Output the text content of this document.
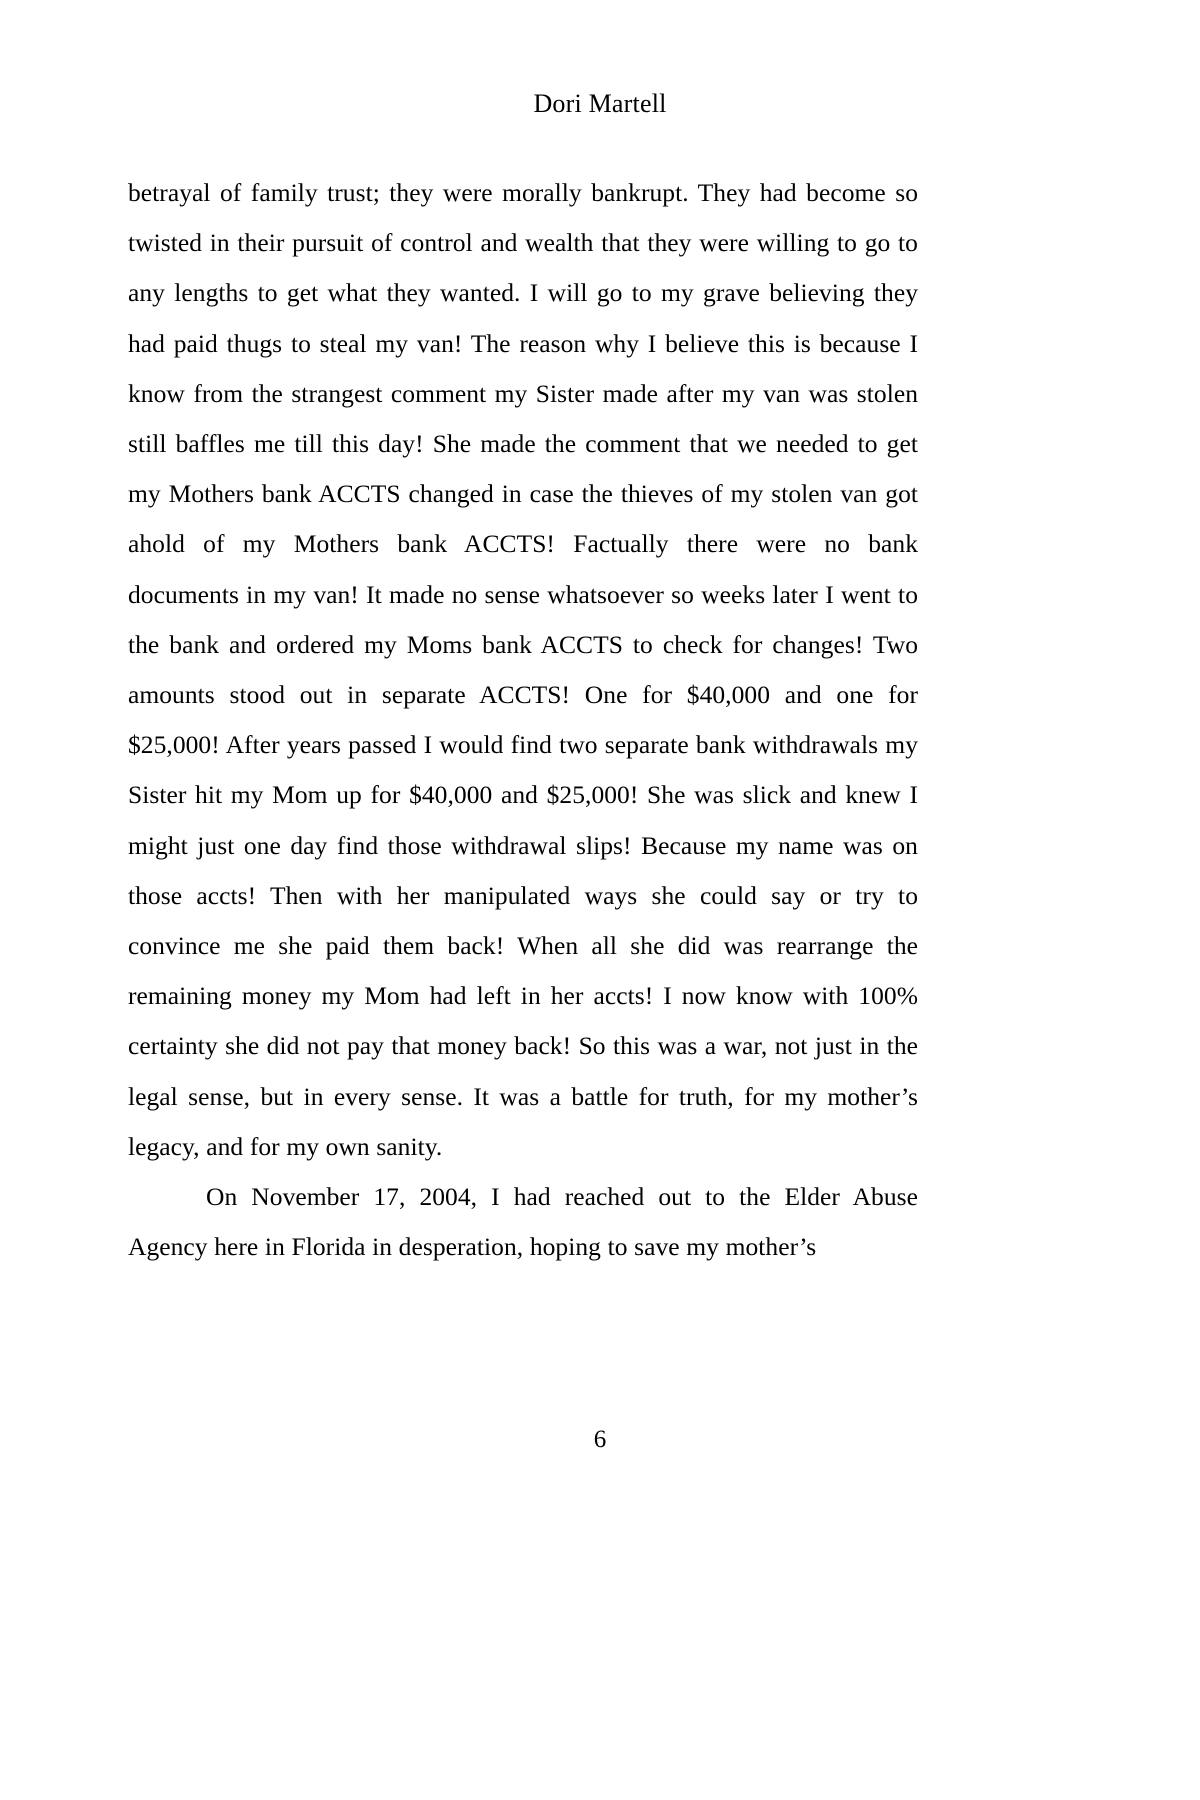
Dori Martell

betrayal of family trust; they were morally bankrupt. They had become so twisted in their pursuit of control and wealth that they were willing to go to any lengths to get what they wanted. I will go to my grave believing they had paid thugs to steal my van! The reason why I believe this is because I know from the strangest comment my Sister made after my van was stolen still baffles me till this day! She made the comment that we needed to get my Mothers bank ACCTS changed in case the thieves of my stolen van got ahold of my Mothers bank ACCTS! Factually there were no bank documents in my van! It made no sense whatsoever so weeks later I went to the bank and ordered my Moms bank ACCTS to check for changes! Two amounts stood out in separate ACCTS! One for $40,000 and one for $25,000! After years passed I would find two separate bank withdrawals my Sister hit my Mom up for $40,000 and $25,000! She was slick and knew I might just one day find those withdrawal slips! Because my name was on those accts! Then with her manipulated ways she could say or try to convince me she paid them back! When all she did was rearrange the remaining money my Mom had left in her accts! I now know with 100% certainty she did not pay that money back! So this was a war, not just in the legal sense, but in every sense. It was a battle for truth, for my mother’s legacy, and for my own sanity.

On November 17, 2004, I had reached out to the Elder Abuse Agency here in Florida in desperation, hoping to save my mother’s

6
